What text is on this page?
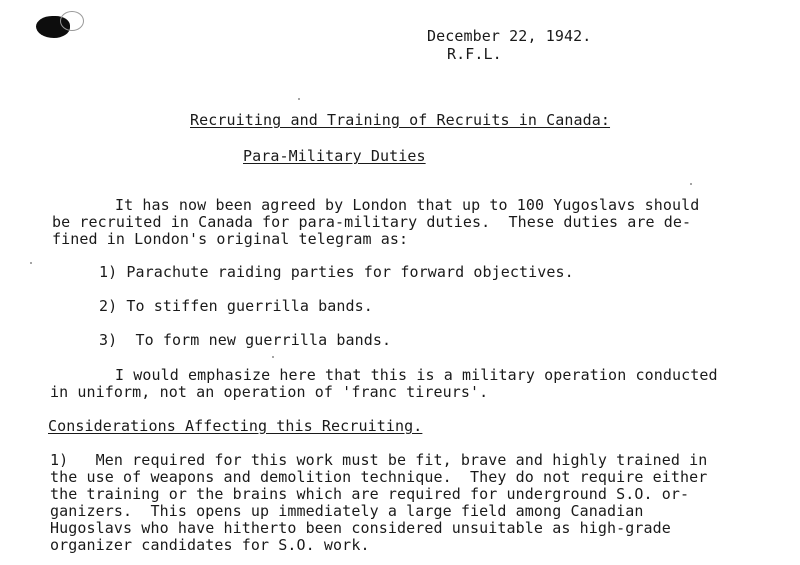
December 22, 1942.
R.F.L.
Recruiting and Training of Recruits in Canada:
Para-Military Duties
It has now been agreed by London that up to 100 Yugoslavs should
be recruited in Canada for para-military duties.  These duties are de-
fined in London's original telegram as:
1) Parachute raiding parties for forward objectives.
2) To stiffen guerrilla bands.
3)  To form new guerrilla bands.
I would emphasize here that this is a military operation conducted
in uniform, not an operation of 'franc tireurs'.
Considerations Affecting this Recruiting.
1)   Men required for this work must be fit, brave and highly trained in
the use of weapons and demolition technique.  They do not require either
the training or the brains which are required for underground S.O. or-
ganizers.  This opens up immediately a large field among Canadian
Hugoslavs who have hitherto been considered unsuitable as high-grade
organizer candidates for S.O. work.
